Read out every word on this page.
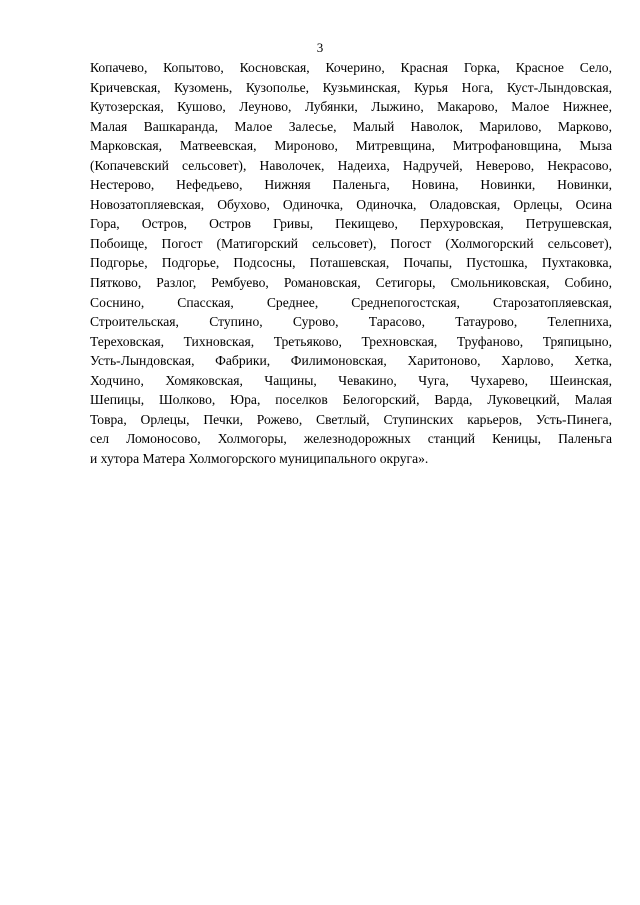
3
Копачево, Копытово, Косновская, Кочерино, Красная Горка, Красное Село,
Кричевская, Кузомень, Кузополье, Кузьминская, Курья Нога, Куст-Лындовская,
Кутозерская, Кушово, Леуново, Лубянки, Лыжино, Макарово, Малое Нижнее,
Малая Вашкаранда, Малое Залесье, Малый Наволок, Марилово, Марково,
Марковская, Матвеевская, Мироново, Митревщина, Митрофановщина, Мыза
(Копачевский сельсовет), Наволочек, Надеиха, Надручей, Неверово, Некрасово,
Нестерово, Нефедьево, Нижняя Паленьга, Новина, Новинки, Новинки,
Новозатопляевская, Обухово, Одиночка, Одиночка, Оладовская, Орлецы, Осина
Гора, Остров, Остров Гривы, Пекищево, Перхуровская, Петрушевская,
Побоище, Погост (Матигорский сельсовет), Погост (Холмогорский сельсовет),
Подгорье, Подгорье, Подсосны, Поташевская, Почапы, Пустошка, Пухтаковка,
Пятково, Разлог, Рембуево, Романовская, Сетигоры, Смольниковская, Собино,
Соснино, Спасская, Среднее, Среднепогостская, Старозатопляевская,
Строительская, Ступино, Сурово, Тарасово, Татаурово, Телепниха,
Тереховская, Тихновская, Третьяково, Трехновская, Труфаново, Тряпицыно,
Усть-Лындовская, Фабрики, Филимоновская, Харитоново, Харлово, Хетка,
Ходчино, Хомяковская, Чащины, Чевакино, Чуга, Чухарево, Шеинская,
Шепицы, Шолково, Юра, поселков Белогорский, Варда, Луковецкий, Малая
Товра, Орлецы, Печки, Рожево, Светлый, Ступинских карьеров, Усть-Пинега,
сел Ломоносово, Холмогоры, железнодорожных станций Кеницы, Паленьга
и хутора Матера Холмогорского муниципального округа».
